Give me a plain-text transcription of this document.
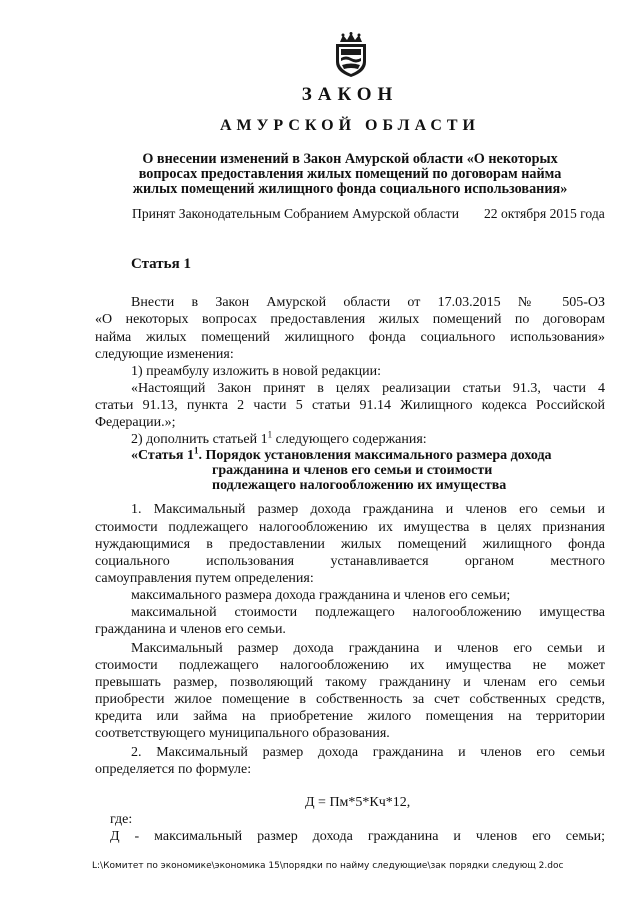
ЗАКОН
АМУРСКОЙ ОБЛАСТИ
О внесении изменений в Закон Амурской области «О некоторых
вопросах предоставления жилых помещений по договорам найма
жилых помещений жилищного фонда социального использования»
Принят Законодательным Собранием Амурской области 22 октября 2015 года
Статья 1
Внести в Закон Амурской области от 17.03.2015 № 505-ОЗ
«О некоторых вопросах предоставления жилых помещений по договорам
найма жилых помещений жилищного фонда социального использования»
следующие изменения:
1) преамбулу изложить в новой редакции:
«Настоящий Закон принят в целях реализации статьи 91.3, части 4
статьи 91.13, пункта 2 части 5 статьи 91.14 Жилищного кодекса Российской
Федерации.»;
2) дополнить статьей $1^1$ следующего содержания:
«Статья $1^1$. Порядок установления максимального размера дохода
гражданина и членов его семьи и стоимости
подлежащего налогообложению их имущества
1. Максимальный размер дохода гражданина и членов его семьи и
стоимости подлежащего налогообложению их имущества в целях признания
нуждающимися в предоставлении жилых помещений жилищного фонда
социального использования устанавливается органом местного
самоуправления путем определения:
максимального размера дохода гражданина и членов его семьи;
максимальной стоимости подлежащего налогообложению имущества
гражданина и членов его семьи.
Максимальный размер дохода гражданина и членов его семьи и
стоимости подлежащего налогообложению их имущества не может
превышать размер, позволяющий такому гражданину и членам его семьи
приобрести жилое помещение в собственность за счет собственных средств,
кредита или займа на приобретение жилого помещения на территории
соответствующего муниципального образования.
2. Максимальный размер дохода гражданина и членов его семьи
определяется по формуле:
Д = Пм*5*Кч*12,
где:
Д - максимальный размер дохода гражданина и членов его семьи;
L:\Комитет по экономике\экономика 15\порядки по найму следующие\зак порядки следующ 2.doc
